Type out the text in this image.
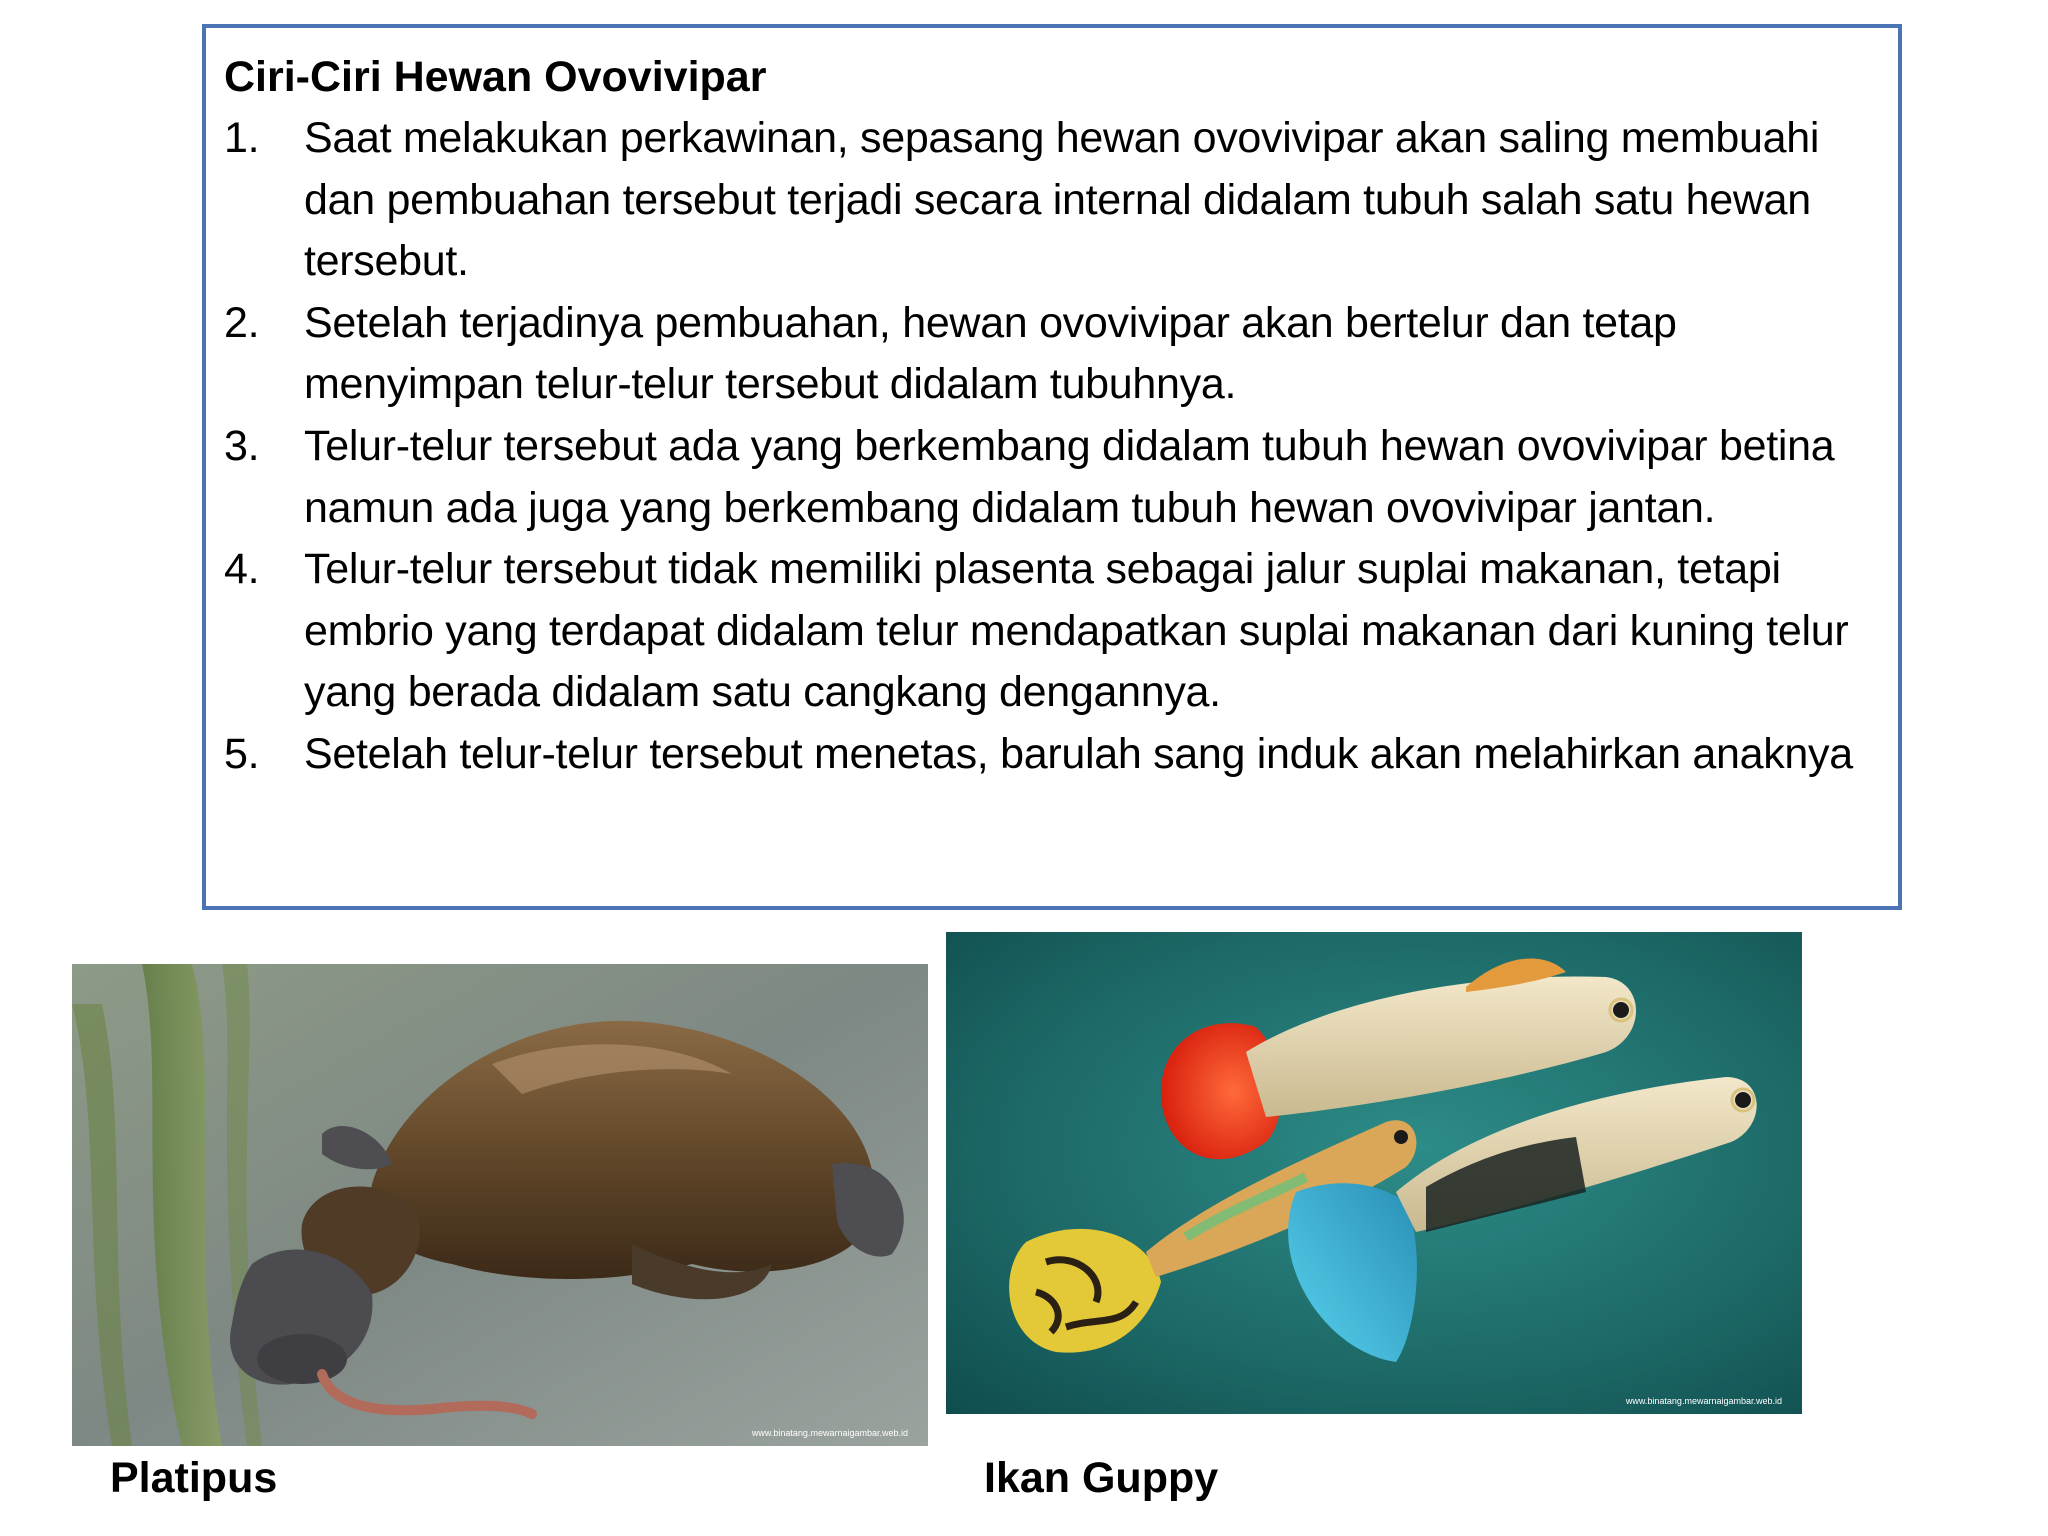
Ciri-Ciri Hewan Ovovivipar

1. Saat melakukan perkawinan, sepasang hewan ovovivipar akan saling membuahi dan pembuahan tersebut terjadi secara internal didalam tubuh salah satu hewan tersebut.
2. Setelah terjadinya pembuahan, hewan ovovivipar akan bertelur dan tetap menyimpan telur-telur tersebut didalam tubuhnya.
3. Telur-telur tersebut ada yang berkembang didalam tubuh hewan ovovivipar betina namun ada juga yang berkembang didalam tubuh hewan ovovivipar jantan.
4. Telur-telur tersebut tidak memiliki plasenta sebagai jalur suplai makanan, tetapi embrio yang terdapat didalam telur mendapatkan suplai makanan dari kuning telur yang berada didalam satu cangkang dengannya.
5. Setelah telur-telur tersebut menetas, barulah sang induk akan melahirkan anaknya
www.binatang.mewarnaigambar.web.id
www.binatang.mewarnaigambar.web.id
Platipus	Ikan Guppy
